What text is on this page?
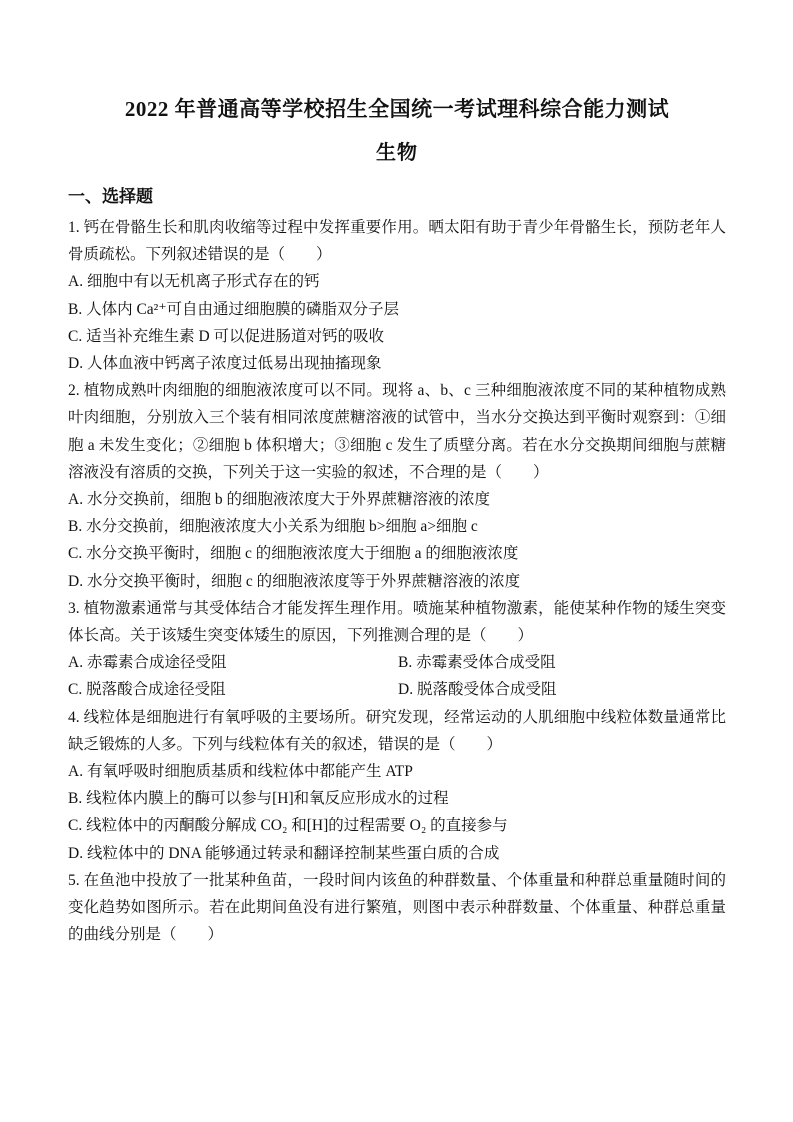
2022 年普通高等学校招生全国统一考试理科综合能力测试
生物
一、选择题

1. 钙在骨骼生长和肌肉收缩等过程中发挥重要作用。晒太阳有助于青少年骨骼生长，预防老年人骨质疏松。下列叙述错误的是（　　）

A. 细胞中有以无机离子形式存在的钙

B. 人体内 Ca²⁺可自由通过细胞膜的磷脂双分子层

C. 适当补充维生素 D 可以促进肠道对钙的吸收

D. 人体血液中钙离子浓度过低易出现抽搐现象

2. 植物成熟叶肉细胞的细胞液浓度可以不同。现将 a、b、c 三种细胞液浓度不同的某种植物成熟叶肉细胞，分别放入三个装有相同浓度蔗糖溶液的试管中，当水分交换达到平衡时观察到：①细胞 a 未发生变化；②细胞 b 体积增大；③细胞 c 发生了质壁分离。若在水分交换期间细胞与蔗糖溶液没有溶质的交换，下列关于这一实验的叙述，不合理的是（　　）

A. 水分交换前，细胞 b 的细胞液浓度大于外界蔗糖溶液的浓度

B. 水分交换前，细胞液浓度大小关系为细胞 b>细胞 a>细胞 c

C. 水分交换平衡时，细胞 c 的细胞液浓度大于细胞 a 的细胞液浓度

D. 水分交换平衡时，细胞 c 的细胞液浓度等于外界蔗糖溶液的浓度

3. 植物激素通常与其受体结合才能发挥生理作用。喷施某种植物激素，能使某种作物的矮生突变体长高。关于该矮生突变体矮生的原因，下列推测合理的是（　　）

A. 赤霉素合成途径受阻	B. 赤霉素受体合成受阻

C. 脱落酸合成途径受阻	D. 脱落酸受体合成受阻

4. 线粒体是细胞进行有氧呼吸的主要场所。研究发现，经常运动的人肌细胞中线粒体数量通常比缺乏锻炼的人多。下列与线粒体有关的叙述，错误的是（　　）

A. 有氧呼吸时细胞质基质和线粒体中都能产生 ATP

B. 线粒体内膜上的酶可以参与[H]和氧反应形成水的过程

C. 线粒体中的丙酮酸分解成 CO₂ 和[H]的过程需要 O₂ 的直接参与

D. 线粒体中的 DNA 能够通过转录和翻译控制某些蛋白质的合成

5. 在鱼池中投放了一批某种鱼苗，一段时间内该鱼的种群数量、个体重量和种群总重量随时间的变化趋势如图所示。若在此期间鱼没有进行繁殖，则图中表示种群数量、个体重量、种群总重量的曲线分别是（　　）
